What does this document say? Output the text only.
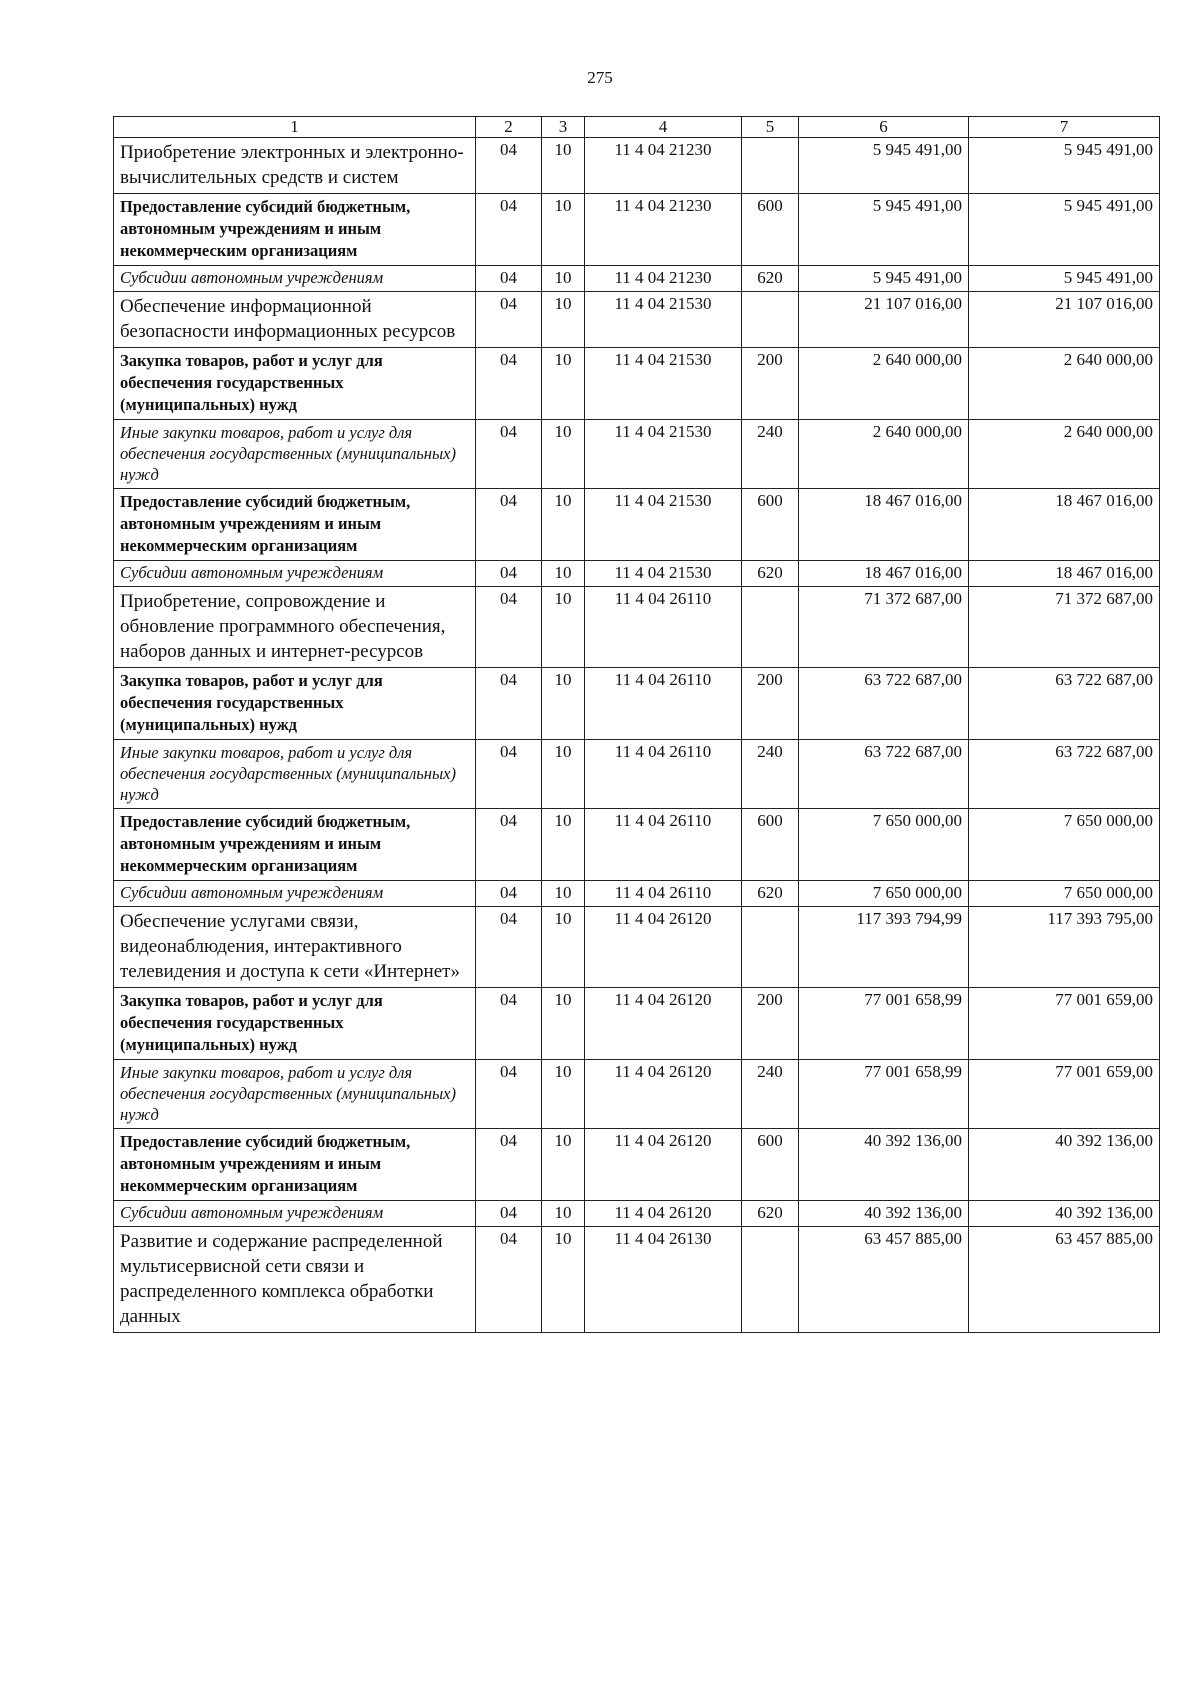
275
1	2	3	4	5	6	7
Приобретение электронных и электронно-вычислительных средств и систем	04	10	11 4 04 21230		5 945 491,00	5 945 491,00
Предоставление субсидий бюджетным, автономным учреждениям и иным некоммерческим организациям	04	10	11 4 04 21230	600	5 945 491,00	5 945 491,00
Субсидии автономным учреждениям	04	10	11 4 04 21230	620	5 945 491,00	5 945 491,00
Обеспечение информационной безопасности информационных ресурсов	04	10	11 4 04 21530		21 107 016,00	21 107 016,00
Закупка товаров, работ и услуг для обеспечения государственных (муниципальных) нужд	04	10	11 4 04 21530	200	2 640 000,00	2 640 000,00
Иные закупки товаров, работ и услуг для обеспечения государственных (муниципальных) нужд	04	10	11 4 04 21530	240	2 640 000,00	2 640 000,00
Предоставление субсидий бюджетным, автономным учреждениям и иным некоммерческим организациям	04	10	11 4 04 21530	600	18 467 016,00	18 467 016,00
Субсидии автономным учреждениям	04	10	11 4 04 21530	620	18 467 016,00	18 467 016,00
Приобретение, сопровождение и обновление программного обеспечения, наборов данных и интернет-ресурсов	04	10	11 4 04 26110		71 372 687,00	71 372 687,00
Закупка товаров, работ и услуг для обеспечения государственных (муниципальных) нужд	04	10	11 4 04 26110	200	63 722 687,00	63 722 687,00
Иные закупки товаров, работ и услуг для обеспечения государственных (муниципальных) нужд	04	10	11 4 04 26110	240	63 722 687,00	63 722 687,00
Предоставление субсидий бюджетным, автономным учреждениям и иным некоммерческим организациям	04	10	11 4 04 26110	600	7 650 000,00	7 650 000,00
Субсидии автономным учреждениям	04	10	11 4 04 26110	620	7 650 000,00	7 650 000,00
Обеспечение услугами связи, видеонаблюдения, интерактивного телевидения и доступа к сети «Интернет»	04	10	11 4 04 26120		117 393 794,99	117 393 795,00
Закупка товаров, работ и услуг для обеспечения государственных (муниципальных) нужд	04	10	11 4 04 26120	200	77 001 658,99	77 001 659,00
Иные закупки товаров, работ и услуг для обеспечения государственных (муниципальных) нужд	04	10	11 4 04 26120	240	77 001 658,99	77 001 659,00
Предоставление субсидий бюджетным, автономным учреждениям и иным некоммерческим организациям	04	10	11 4 04 26120	600	40 392 136,00	40 392 136,00
Субсидии автономным учреждениям	04	10	11 4 04 26120	620	40 392 136,00	40 392 136,00
Развитие и содержание распределенной мультисервисной сети связи и распределенного комплекса обработки данных	04	10	11 4 04 26130		63 457 885,00	63 457 885,00
